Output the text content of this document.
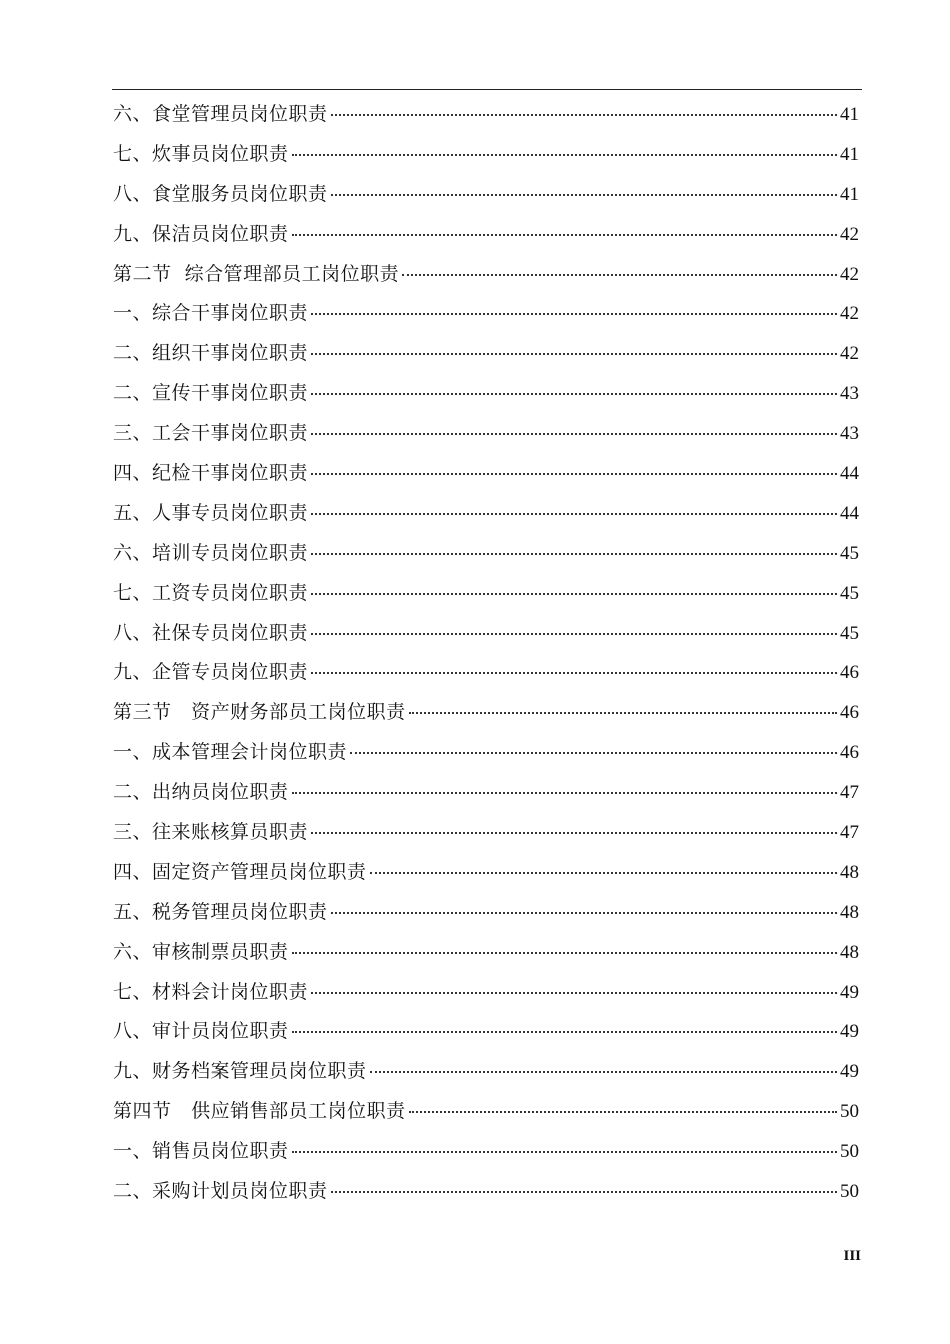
六、食堂管理员岗位职责	41
七、炊事员岗位职责	41
八、食堂服务员岗位职责	41
九、保洁员岗位职责	42
第二节  综合管理部员工岗位职责	42
一、综合干事岗位职责	42
二、组织干事岗位职责	42
二、宣传干事岗位职责	43
三、工会干事岗位职责	43
四、纪检干事岗位职责	44
五、人事专员岗位职责	44
六、培训专员岗位职责	45
七、工资专员岗位职责	45
八、社保专员岗位职责	45
九、企管专员岗位职责	46
第三节   资产财务部员工岗位职责	46
一、成本管理会计岗位职责	46
二、出纳员岗位职责	47
三、往来账核算员职责	47
四、固定资产管理员岗位职责	48
五、税务管理员岗位职责	48
六、审核制票员职责	48
七、材料会计岗位职责	49
八、审计员岗位职责	49
九、财务档案管理员岗位职责	49
第四节   供应销售部员工岗位职责	50
一、销售员岗位职责	50
二、采购计划员岗位职责	50
III
